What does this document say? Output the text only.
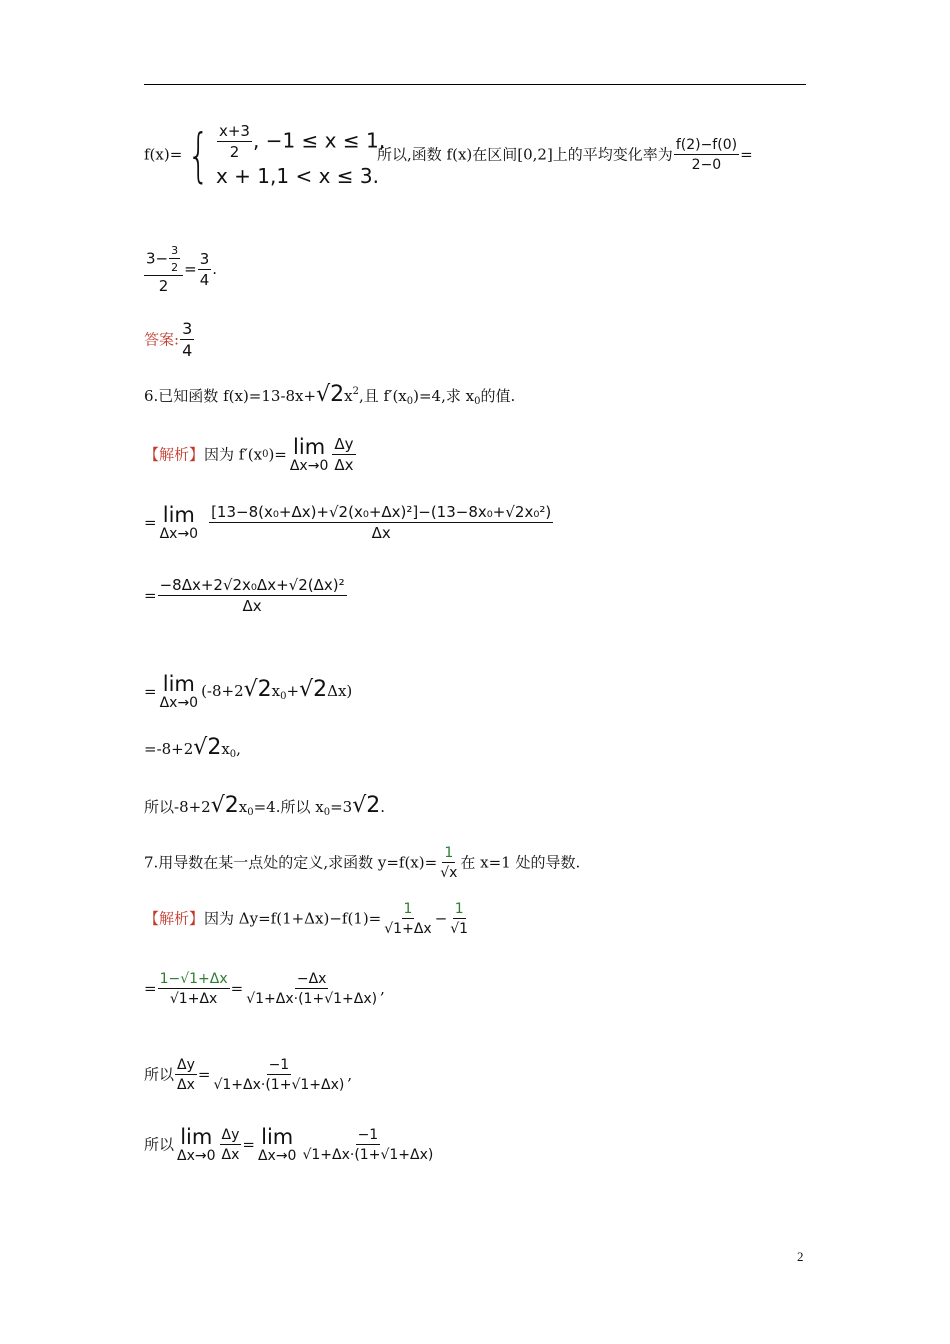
$f(x)=\{ \frac{x+3}{2}$ , −1 ≤ x ≤ 1,
x + 1,1 < x ≤ 3.
所以,函数 f(x)在区间[0,2]上的平均变化率为 $\frac{f(2)-f(0)}{2-0}$ =
$\frac{3- \frac{3}{2}}{2} = \frac{3}{4}$ .
答案: $\frac{3}{4}$
6.已知函数 $f(x)=13-8x+√2x^2$,且 $f'(x_0)=4$,求 $x_0$的值.
【解析】因为 f′(x0)= lim
$\Delta x\to 0 \frac{\Delta y}{\Delta x}$
= lim
$\Delta x\to 0 \frac{\text{[13−8(x₀+Δx)+√2(x₀+Δx)²]−(13−8x₀+√2x₀²)}}{\Delta x}$
= $\frac{\text{−8Δx+2√2x₀Δx+√2(Δx)²}}{\Delta x}$
= lim
Δx→0
$(-8+2√2x_0+√2\Delta x)$
$=-8+2√2x_0$,
所以$-8+2√2x_0=4$.所以 $x_0=3√2$.
7.用导数在某一点处的定义,求函数 $y=f(x)= \frac{1}{√x}$ 在 x=1 处的导数.
【解析】因为 $\Delta y=f(1+\Delta x)-f(1)= \frac{1}{√1+\Delta x} - \frac{1}{√1}$
= $\frac{1-√1+\Delta x}{√1+\Delta x} = \frac{-\Delta x}{√1+\Delta x\cdot(1+√1+\Delta x)}$ ,
所以 $\frac{\Delta y}{\Delta x} = \frac{-1}{√1+\Delta x\cdot(1+√1+\Delta x)}$ ,
所以 lim
$\Delta x\to 0 \frac{\Delta y}{\Delta x} = \lim$
$\Delta x\to 0 \frac{-1}{√1+\Delta x\cdot(1+√1+\Delta x)}$
2
